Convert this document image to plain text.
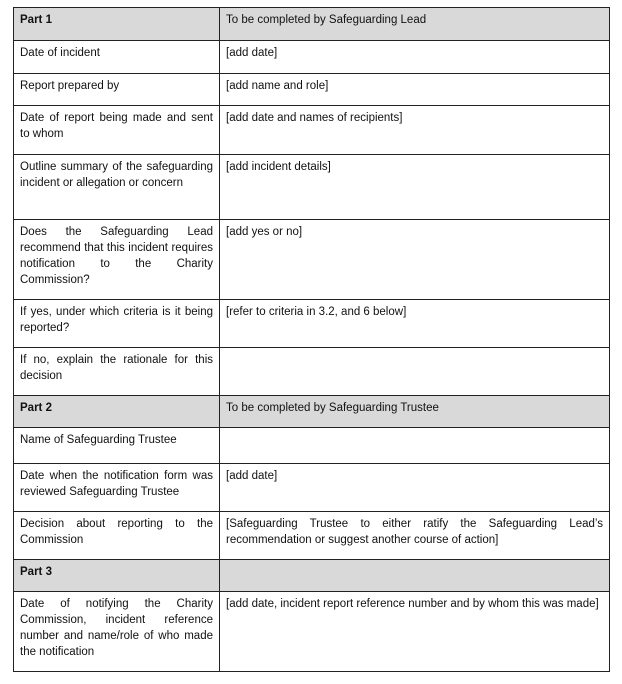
Part 1	To be completed by Safeguarding Lead
Date of incident	[add date]
Report prepared by	[add name and role]
Date of report being made and sent to whom	[add date and names of recipients]
Outline summary of the safeguarding incident or allegation or concern	[add incident details]
Does the Safeguarding Lead recommend that this incident requires notification to the Charity Commission?	[add yes or no]
If yes, under which criteria is it being reported?	[refer to criteria in 3.2, and 6 below]
If no, explain the rationale for this decision	
Part 2	To be completed by Safeguarding Trustee
Name of Safeguarding Trustee	
Date when the notification form was reviewed Safeguarding Trustee	[add date]
Decision about reporting to the Commission	[Safeguarding Trustee to either ratify the Safeguarding Lead’s recommendation or suggest another course of action]
Part 3	
Date of notifying the Charity Commission, incident reference number and name/role of who made the notification	[add date, incident report reference number and by whom this was made]
